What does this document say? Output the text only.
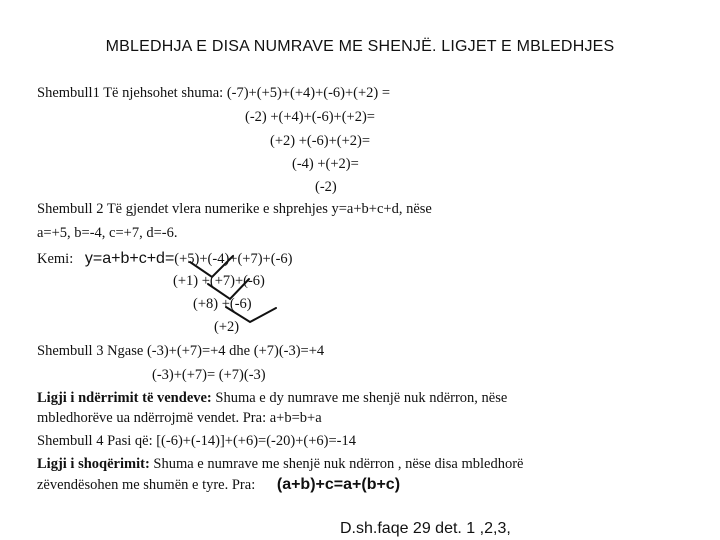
MBLEDHJA E DISA NUMRAVE ME SHENJË. LIGJET E MBLEDHJES
Shembull1 Të njehsohet shuma: (-7)+(+5)+(+4)+(-6)+(+2) =
(-2) +(+4)+(-6)+(+2)=
(+2) +(-6)+(+2)=
(-4) +(+2)=
(-2)
Shembull 2 Të gjendet vlera numerike e shprehjes y=a+b+c+d, nëse
a=+5, b=-4, c=+7, d=-6.
Kemi: y=a+b+c+d=(+5)+(-4)+(+7)+(-6)
(+1) +(+7)+(-6)
(+8) +(-6)
(+2)
Shembull 3 Ngase (-3)+(+7)=+4 dhe (+7)(-3)=+4
(-3)+(+7)= (+7)(-3)
Ligji i ndërrimit të vendeve: Shuma e dy numrave me shenjë nuk ndërron, nëse
mbledhorëve ua ndërrojmë vendet. Pra: a+b=b+a
Shembull 4 Pasi që: [(-6)+(-14)]+(+6)=(-20)+(+6)=-14
Ligji i shoqërimit: Shuma e numrave me shenjë nuk ndërron , nëse disa mbledhorë
zëvendësohen me shumën e tyre. Pra: (a+b)+c=a+(b+c)
D.sh.faqe 29 det. 1 ,2,3,
